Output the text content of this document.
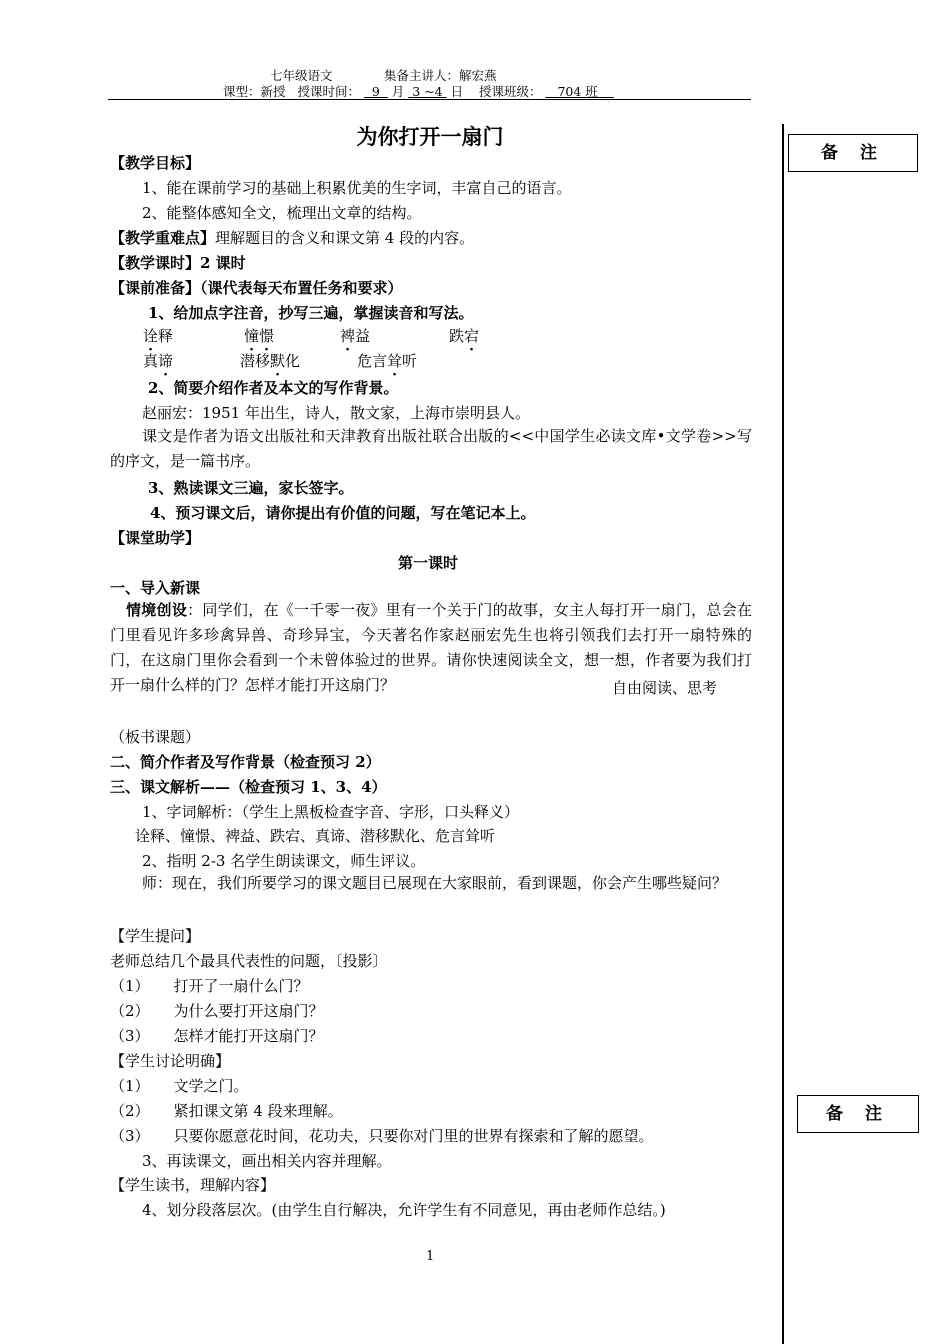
七年级语文	集备主讲人：解宏燕
课型：新授 授课时间： 9 月 3 ~4 日 授课班级： 704 班
备 注
备 注
为你打开一扇门
【教学目标】
1、能在课前学习的基础上积累优美的生字词，丰富自己的语言。
2、能整体感知全文，梳理出文章的结构。
【教学重难点】理解题目的含义和课文第 4 段的内容。
【教学课时】2 课时
【课前准备】（课代表每天布置任务和要求）
1、给加点字注音，抄写三遍，掌握读音和写法。
诠释	憧憬	裨益	跌宕
真谛	潜移默化	危言耸听
2、简要介绍作者及本文的写作背景。
赵丽宏：1951 年出生，诗人，散文家，上海市崇明县人。
课文是作者为语文出版社和天津教育出版社联合出版的<<中国学生必读文库•文学卷>>写的序文，是一篇书序。
3、熟读课文三遍，家长签字。
4、预习课文后，请你提出有价值的问题，写在笔记本上。
【课堂助学】
第一课时
一、导入新课
情境创设：同学们，在《一千零一夜》里有一个关于门的故事，女主人每打开一扇门，总会在门里看见许多珍禽异兽、奇珍异宝，今天著名作家赵丽宏先生也将引领我们去打开一扇特殊的门，在这扇门里你会看到一个未曾体验过的世界。请你快速阅读全文，想一想，作者要为我们打开一扇什么样的门？怎样才能打开这扇门？	自由阅读、思考
（板书课题）
二、简介作者及写作背景（检查预习 2）
三、课文解析——（检查预习 1、3、4）
1、字词解析：（学生上黑板检查字音、字形，口头释义）
诠释、憧憬、裨益、跌宕、真谛、潜移默化、危言耸听
2、指明 2-3 名学生朗读课文，师生评议。
师：现在，我们所要学习的课文题目已展现在大家眼前，看到课题，你会产生哪些疑问？
【学生提问】
老师总结几个最具代表性的问题，〔投影〕
（1） 打开了一扇什么门？
（2） 为什么要打开这扇门？
（3） 怎样才能打开这扇门？
【学生讨论明确】
（1） 文学之门。
（2） 紧扣课文第 4 段来理解。
（3） 只要你愿意花时间，花功夫，只要你对门里的世界有探索和了解的愿望。
3、再读课文，画出相关内容并理解。
【学生读书，理解内容】
4、划分段落层次。(由学生自行解决，允许学生有不同意见，再由老师作总结。)
1
